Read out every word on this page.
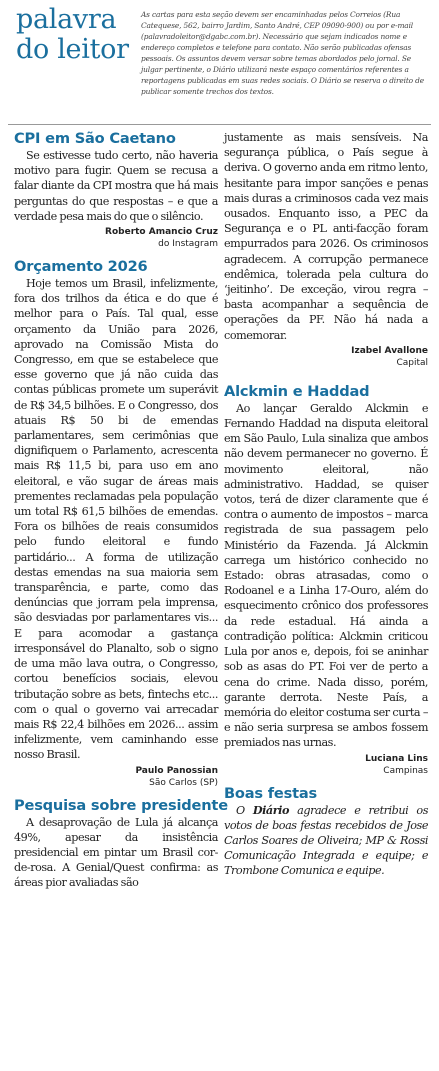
palavra
do leitor
As cartas para esta seção devem ser encaminhadas pelos Correios (Rua Catequese, 562, bairro Jardim, Santo André, CEP 09090-900) ou por e-mail (palavradoleitor@dgabc.com.br). Necessário que sejam indicados nome e endereço completos e telefone para contato. Não serão publicadas ofensas pessoais. Os assuntos devem versar sobre temas abordados pelo jornal. Se julgar pertinente, o Diário utilizará neste espaço comentários referentes a reportagens publicadas em suas redes sociais. O Diário se reserva o direito de publicar somente trechos dos textos.
CPI em São Caetano

Se estivesse tudo certo, não haveria motivo para fugir. Quem se recusa a falar diante da CPI mostra que há mais perguntas do que respostas – e que a verdade pesa mais do que o silêncio.

Roberto Amancio Cruz
do Instagram
Orçamento 2026

Hoje temos um Brasil, infelizmente, fora dos trilhos da ética e do que é melhor para o País. Tal qual, esse orçamento da União para 2026, aprovado na Comissão Mista do Congresso, em que se estabelece que esse governo que já não cuida das contas públicas promete um superávit de R$ 34,5 bilhões. E o Congresso, dos atuais R$ 50 bi de emendas parlamentares, sem cerimônias que dignifiquem o Parlamento, acrescenta mais R$ 11,5 bi, para uso em ano eleitoral, e vão sugar de áreas mais prementes reclamadas pela população um total R$ 61,5 bilhões de emendas. Fora os bilhões de reais consumidos pelo fundo eleitoral e fundo partidário... A forma de utilização destas emendas na sua maioria sem transparência, e parte, como das denúncias que jorram pela imprensa, são desviadas por parlamentares vis... E para acomodar a gastança irresponsável do Planalto, sob o signo de uma mão lava outra, o Congresso, cortou benefícios sociais, elevou tributação sobre as bets, fintechs etc... com o qual o governo vai arrecadar mais R$ 22,4 bilhões em 2026... assim infelizmente, vem caminhando esse nosso Brasil.

Paulo Panossian
São Carlos (SP)
Pesquisa sobre presidente

A desaprovação de Lula já alcança 49%, apesar da insistência presidencial em pintar um Brasil cor-de-rosa. A Genial/Quest confirma: as áreas pior avaliadas são

justamente as mais sensíveis. Na segurança pública, o País segue à deriva. O governo anda em ritmo lento, hesitante para impor sanções e penas mais duras a criminosos cada vez mais ousados. Enquanto isso, a PEC da Segurança e o PL anti-facção foram empurrados para 2026. Os criminosos agradecem. A corrupção permanece endêmica, tolerada pela cultura do ‘jeitinho’. De exceção, virou regra – basta acompanhar a sequência de operações da PF. Não há nada a comemorar.

Izabel Avallone
Capital
Alckmin e Haddad

Ao lançar Geraldo Alckmin e Fernando Haddad na disputa eleitoral em São Paulo, Lula sinaliza que ambos não devem permanecer no governo. É movimento eleitoral, não administrativo. Haddad, se quiser votos, terá de dizer claramente que é contra o aumento de impostos – marca registrada de sua passagem pelo Ministério da Fazenda. Já Alckmin carrega um histórico conhecido no Estado: obras atrasadas, como o Rodoanel e a Linha 17-Ouro, além do esquecimento crônico dos professores da rede estadual. Há ainda a contradição política: Alckmin criticou Lula por anos e, depois, foi se aninhar sob as asas do PT. Foi ver de perto a cena do crime. Nada disso, porém, garante derrota. Neste País, a memória do eleitor costuma ser curta – e não seria surpresa se ambos fossem premiados nas urnas.

Luciana Lins
Campinas
Boas festas

O Diário agradece e retribui os votos de boas festas recebidos de Jose Carlos Soares de Oliveira; MP & Rossi Comunicação Integrada e equipe; e Trombone Comunica e equipe.
